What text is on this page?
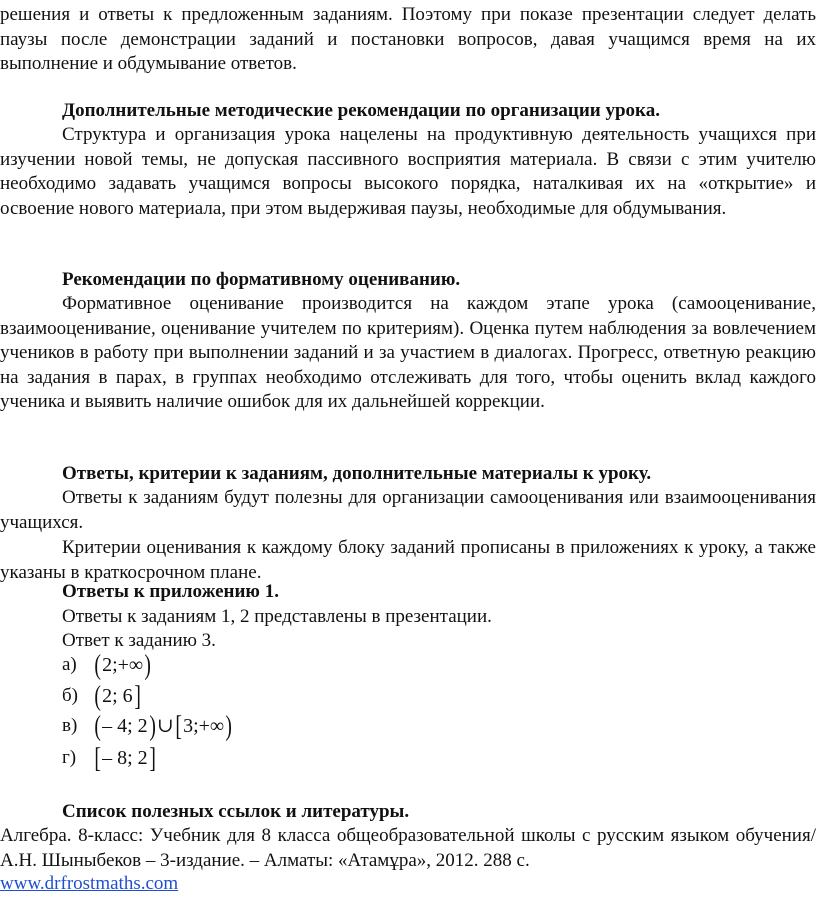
решения и ответы к предложенным заданиям. Поэтому при показе презентации следует делать паузы после демонстрации заданий и постановки вопросов, давая учащимся время на их выполнение и обдумывание ответов.

Дополнительные методические рекомендации по организации урока.

Структура и организация урока нацелены на продуктивную деятельность учащихся при изучении новой темы, не допуская пассивного восприятия материала. В связи с этим учителю необходимо задавать учащимся вопросы высокого порядка, наталкивая их на «открытие» и освоение нового материала, при этом выдерживая паузы, необходимые для обдумывания.

Рекомендации по формативному оцениванию.

Формативное оценивание производится на каждом этапе урока (самооценивание, взаимооценивание, оценивание учителем по критериям). Оценка путем наблюдения за вовлечением учеников в работу при выполнении заданий и за участием в диалогах. Прогресс, ответную реакцию на задания в парах, в группах необходимо отслеживать для того, чтобы оценить вклад каждого ученика и выявить наличие ошибок для их дальнейшей коррекции.

Ответы, критерии к заданиям, дополнительные материалы к уроку.

Ответы к заданиям будут полезны для организации самооценивания или взаимооценивания учащихся.

Критерии оценивания к каждому блоку заданий прописаны в приложениях к уроку, а также указаны в краткосрочном плане.

Ответы к приложению 1.

Ответы к заданиям 1, 2 представлены в презентации.

Ответ к заданию 3.

а) (2;+∞)
б) (2; 6]
в) (– 4; 2)∪[3;+∞)
г) [– 8; 2]

Список полезных ссылок и литературы.

Алгебра. 8-класс: Учебник для 8 класса общеобразовательной школы с русским языком обучения/ А.Н. Шыныбеков – 3-издание. – Алматы: «Атамұра», 2012. 288 с.

www.drfrostmaths.com
